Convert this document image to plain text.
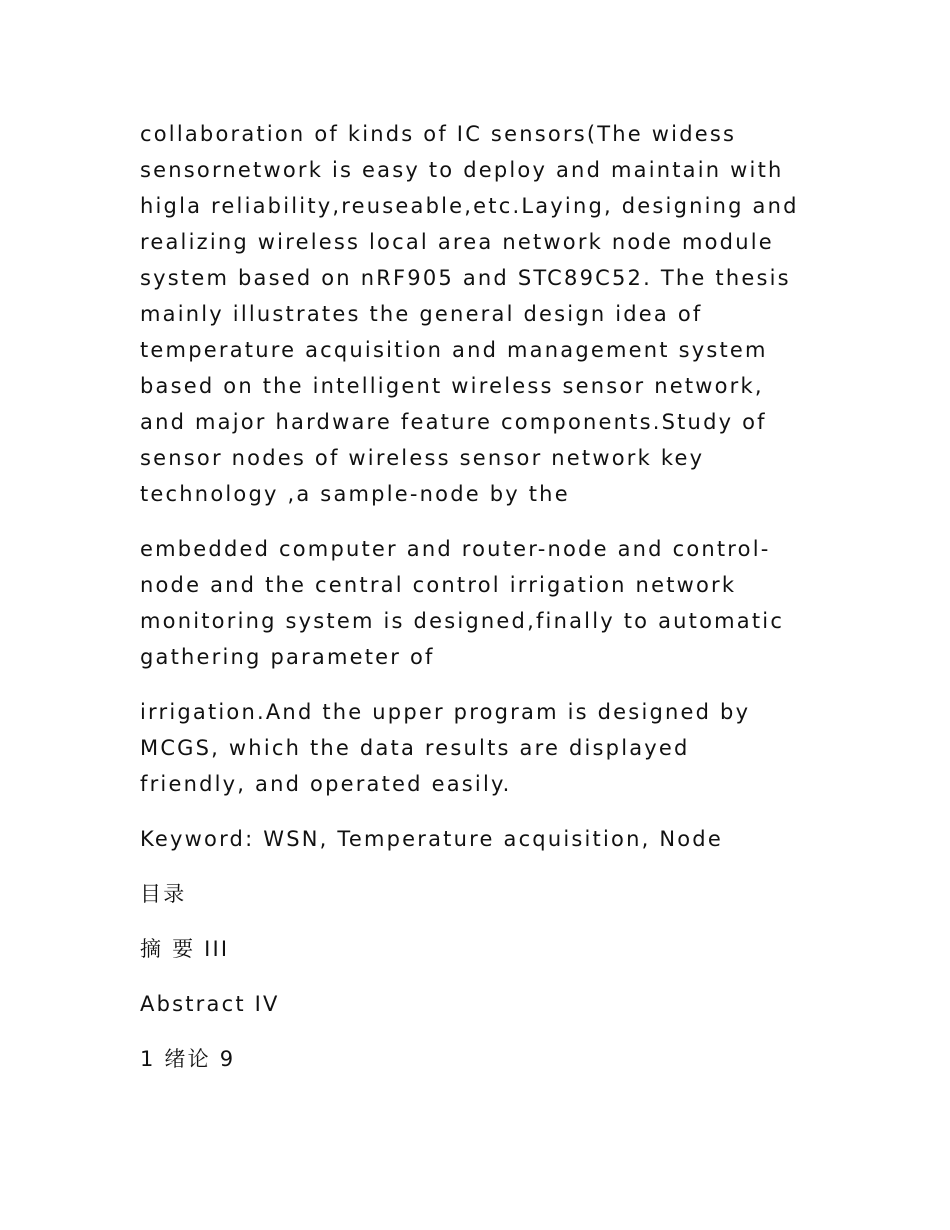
collaboration of kinds of IC sensors(The widess
sensornetwork is easy to deploy and maintain with
higla reliability,reuseable,etc.Laying, designing and
realizing wireless local area network node module
system based on nRF905 and STC89C52. The thesis
mainly illustrates the general design idea of
temperature acquisition and management system
based on the intelligent wireless sensor network,
and major hardware feature components.Study of
sensor nodes of wireless sensor network key
technology ,a sample-node by the
embedded computer and router-node and control-
node and the central control irrigation network
monitoring system is designed,finally to automatic
gathering parameter of
irrigation.And the upper program is designed by
MCGS, which the data results are displayed
friendly, and operated easily.
Keyword: WSN, Temperature acquisition, Node
目录
摘 要 III
Abstract IV
1 绪论 9
